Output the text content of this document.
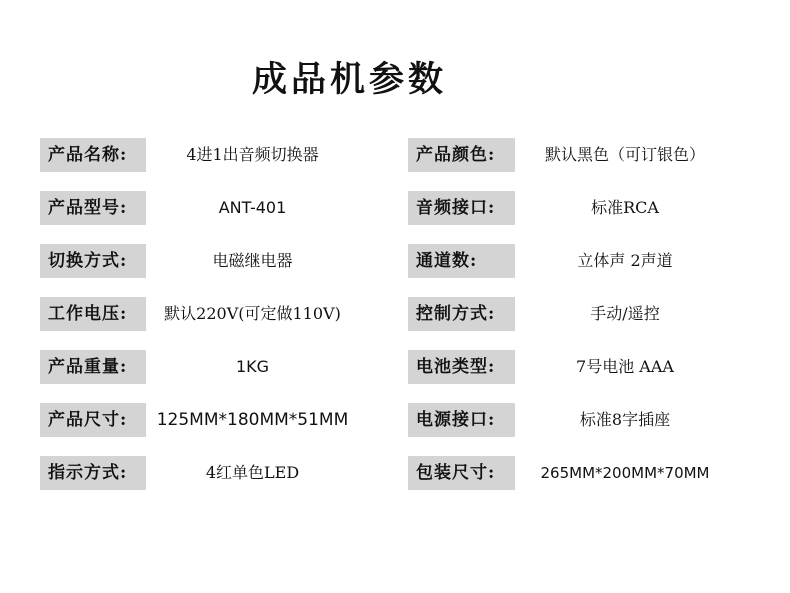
成品机参数
产品名称:	4进1出音频切换器
产品型号:	ANT-401
切换方式:	电磁继电器
工作电压:	默认220V(可定做110V)
产品重量:	1KG
产品尺寸:	125MM*180MM*51MM
指示方式:	4红单色LED
产品颜色:	默认黑色（可订银色）
音频接口:	标准RCA
通道数:	立体声 2声道
控制方式:	手动/遥控
电池类型:	7号电池 AAA
电源接口:	标准8字插座
包装尺寸:	265MM*200MM*70MM
